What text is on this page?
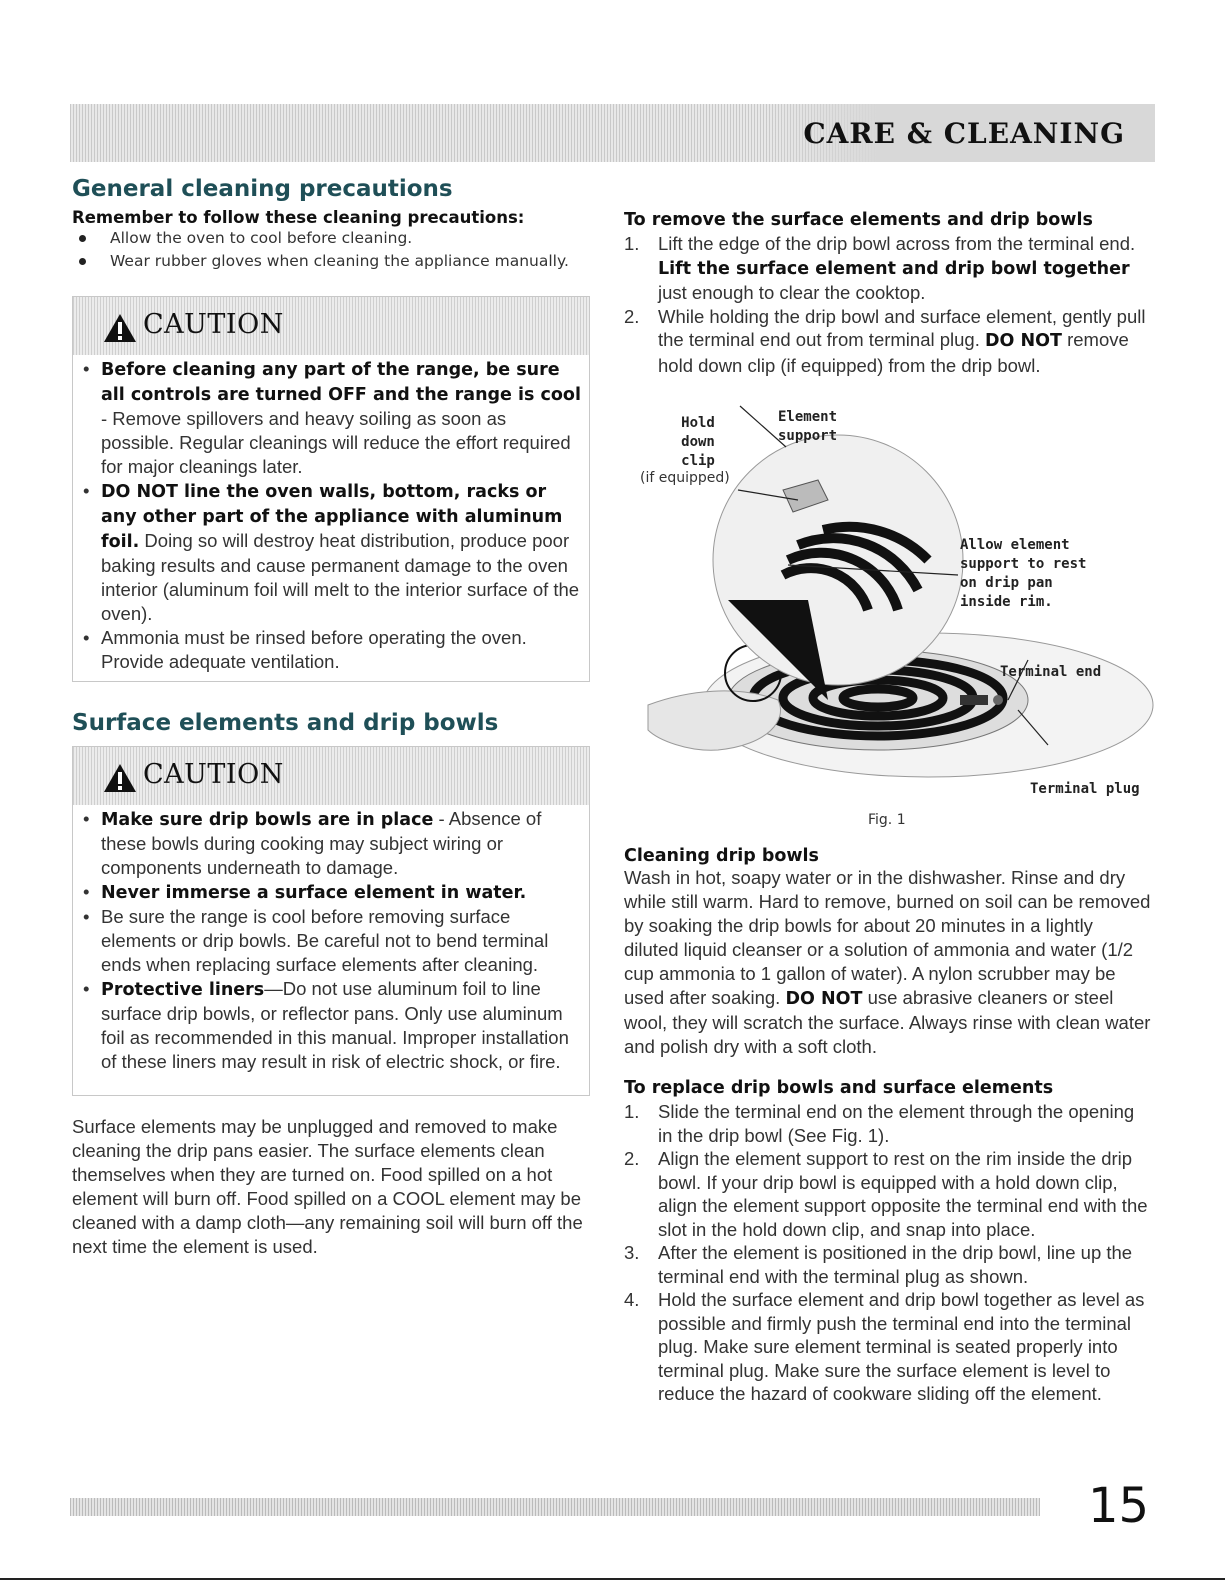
CARE & CLEANING
General cleaning precautions

Remember to follow these cleaning precautions:

Allow the oven to cool before cleaning.
Wear rubber gloves when cleaning the appliance manually.
CAUTION
• Before cleaning any part of the range, be sure all controls are turned OFF and the range is cool - Remove spillovers and heavy soiling as soon as possible. Regular cleanings will reduce the effort required for major cleanings later.
• DO NOT line the oven walls, bottom, racks or any other part of the appliance with aluminum foil. Doing so will destroy heat distribution, produce poor baking results and cause permanent damage to the oven interior (aluminum foil will melt to the interior surface of the oven).
• Ammonia must be rinsed before operating the oven. Provide adequate ventilation.
Surface elements and drip bowls
CAUTION
• Make sure drip bowls are in place - Absence of these bowls during cooking may subject wiring or components underneath to damage.
• Never immerse a surface element in water.
• Be sure the range is cool before removing surface elements or drip bowls. Be careful not to bend terminal ends when replacing surface elements after cleaning.
• Protective liners—Do not use aluminum foil to line surface drip bowls, or reflector pans. Only use aluminum foil as recommended in this manual. Improper installation of these liners may result in risk of electric shock, or fire.

Surface elements may be unplugged and removed to make cleaning the drip pans easier. The surface elements clean themselves when they are turned on. Food spilled on a hot element will burn off. Food spilled on a COOL element may be cleaned with a damp cloth—any remaining soil will burn off the next time the element is used.

To remove the surface elements and drip bowls

1. Lift the edge of the drip bowl across from the terminal end. Lift the surface element and drip bowl together just enough to clear the cooktop.
2. While holding the drip bowl and surface element, gently pull the terminal end out from terminal plug. DO NOT remove hold down clip (if equipped) from the drip bowl.
Hold
down
clip
(if equipped)
Element
support
Allow element
support to rest
on drip pan
inside rim.
Terminal end
Terminal plug
Fig. 1

Cleaning drip bowls

Wash in hot, soapy water or in the dishwasher. Rinse and dry while still warm. Hard to remove, burned on soil can be removed by soaking the drip bowls for about 20 minutes in a lightly diluted liquid cleanser or a solution of ammonia and water (1/2 cup ammonia to 1 gallon of water). A nylon scrubber may be used after soaking. DO NOT use abrasive cleaners or steel wool, they will scratch the surface. Always rinse with clean water and polish dry with a soft cloth.

To replace drip bowls and surface elements

1. Slide the terminal end on the element through the opening in the drip bowl (See Fig. 1).
2. Align the element support to rest on the rim inside the drip bowl. If your drip bowl is equipped with a hold down clip, align the element support opposite the terminal end with the slot in the hold down clip, and snap into place.
3. After the element is positioned in the drip bowl, line up the terminal end with the terminal plug as shown.
4. Hold the surface element and drip bowl together as level as possible and firmly push the terminal end into the terminal plug. Make sure element terminal is seated properly into terminal plug. Make sure the surface element is level to reduce the hazard of cookware sliding off the element.
15
